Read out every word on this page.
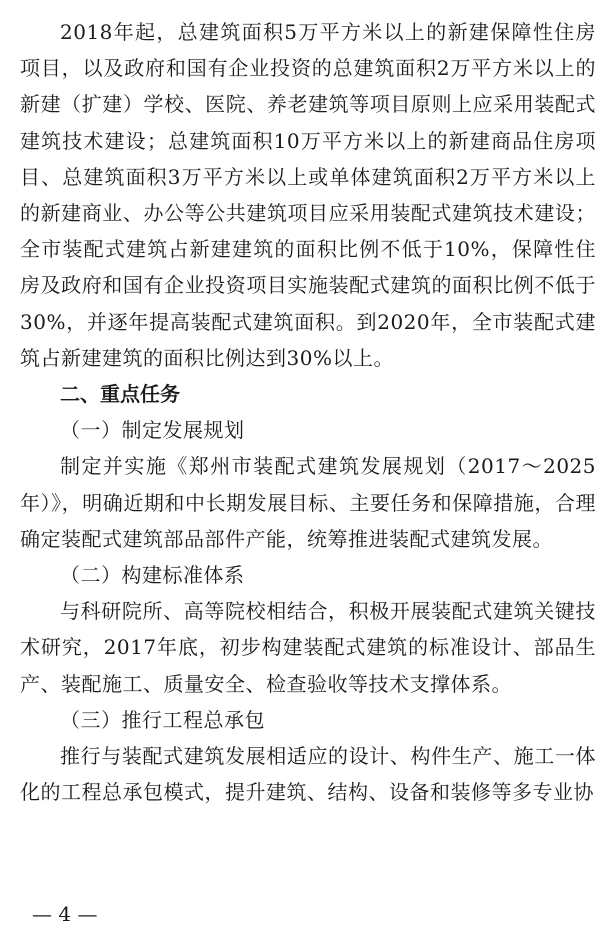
2018年起，总建筑面积5万平方米以上的新建保障性住房项目，以及政府和国有企业投资的总建筑面积2万平方米以上的新建（扩建）学校、医院、养老建筑等项目原则上应采用装配式建筑技术建设；总建筑面积10万平方米以上的新建商品住房项目、总建筑面积3万平方米以上或单体建筑面积2万平方米以上的新建商业、办公等公共建筑项目应采用装配式建筑技术建设；全市装配式建筑占新建建筑的面积比例不低于10%，保障性住房及政府和国有企业投资项目实施装配式建筑的面积比例不低于30%，并逐年提高装配式建筑面积。到2020年，全市装配式建筑占新建建筑的面积比例达到30%以上。

二、重点任务

（一）制定发展规划

制定并实施《郑州市装配式建筑发展规划（2017～2025年）》，明确近期和中长期发展目标、主要任务和保障措施，合理确定装配式建筑部品部件产能，统筹推进装配式建筑发展。

（二）构建标准体系

与科研院所、高等院校相结合，积极开展装配式建筑关键技术研究，2017年底，初步构建装配式建筑的标准设计、部品生产、装配施工、质量安全、检查验收等技术支撑体系。

（三）推行工程总承包

推行与装配式建筑发展相适应的设计、构件生产、施工一体化的工程总承包模式，提升建筑、结构、设备和装修等多专业协

— 4 —
